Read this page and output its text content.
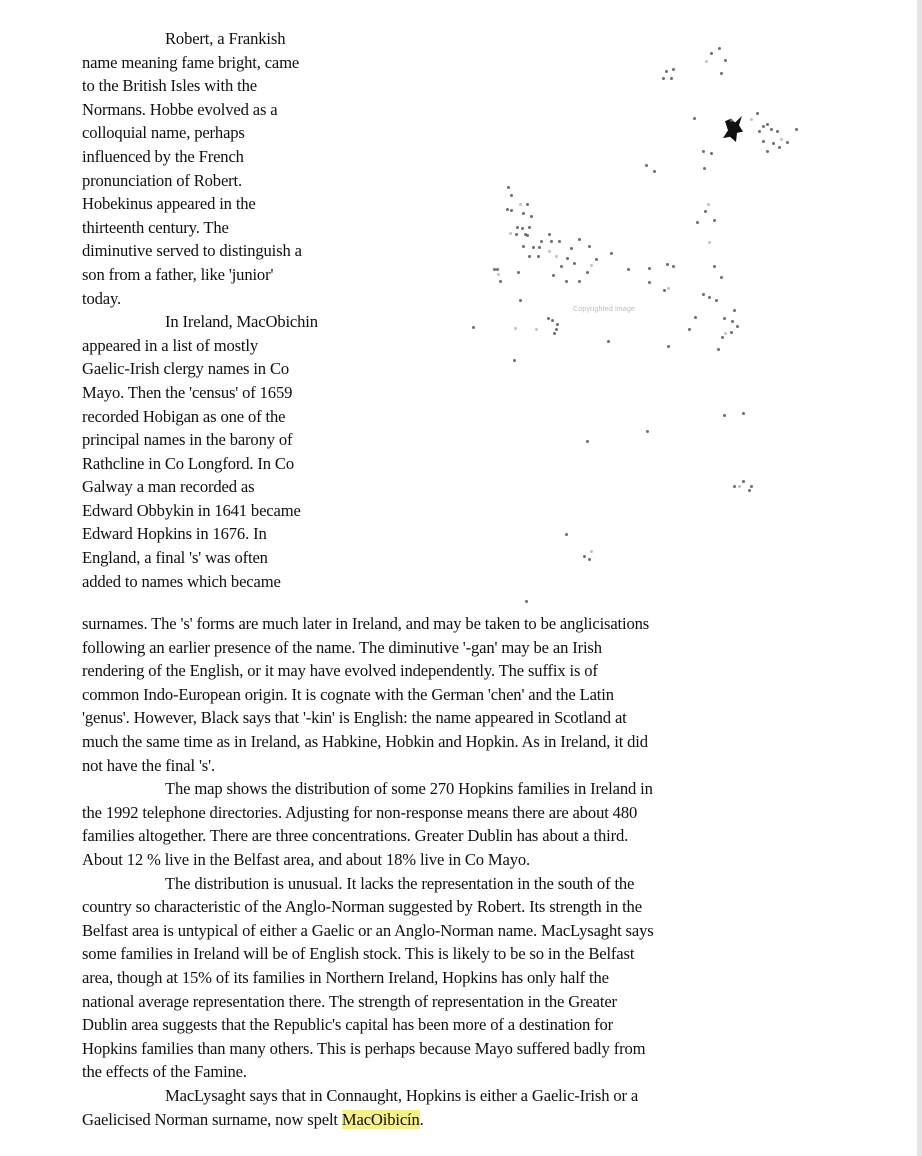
Robert, a Frankish
name meaning fame bright, came
to the British Isles with the
Normans. Hobbe evolved as a
colloquial name, perhaps
influenced by the French
pronunciation of Robert.
Hobekinus appeared in the
thirteenth century. The
diminutive served to distinguish a
son from a father, like 'junior'
today.
In Ireland, MacObichin
appeared in a list of mostly
Gaelic-Irish clergy names in Co
Mayo. Then the 'census' of 1659
recorded Hobigan as one of the
principal names in the barony of
Rathcline in Co Longford. In Co
Galway a man recorded as
Edward Obbykin in 1641 became
Edward Hopkins in 1676. In
England, a final 's' was often
added to names which became
Copyrighted image
surnames. The 's' forms are much later in Ireland, and may be taken to be anglicisations
following an earlier presence of the name. The diminutive '-gan' may be an Irish
rendering of the English, or it may have evolved independently. The suffix is of
common Indo-European origin. It is cognate with the German 'chen' and the Latin
'genus'. However, Black says that '-kin' is English: the name appeared in Scotland at
much the same time as in Ireland, as Habkine, Hobkin and Hopkin. As in Ireland, it did
not have the final 's'.
The map shows the distribution of some 270 Hopkins families in Ireland in
the 1992 telephone directories. Adjusting for non-response means there are about 480
families altogether. There are three concentrations. Greater Dublin has about a third.
About 12 % live in the Belfast area, and about 18% live in Co Mayo.
The distribution is unusual. It lacks the representation in the south of the
country so characteristic of the Anglo-Norman suggested by Robert. Its strength in the
Belfast area is untypical of either a Gaelic or an Anglo-Norman name. MacLysaght says
some families in Ireland will be of English stock. This is likely to be so in the Belfast
area, though at 15% of its families in Northern Ireland, Hopkins has only half the
national average representation there. The strength of representation in the Greater
Dublin area suggests that the Republic's capital has been more of a destination for
Hopkins families than many others. This is perhaps because Mayo suffered badly from
the effects of the Famine.
MacLysaght says that in Connaught, Hopkins is either a Gaelic-Irish or a
Gaelicised Norman surname, now spelt MacOibicín.
